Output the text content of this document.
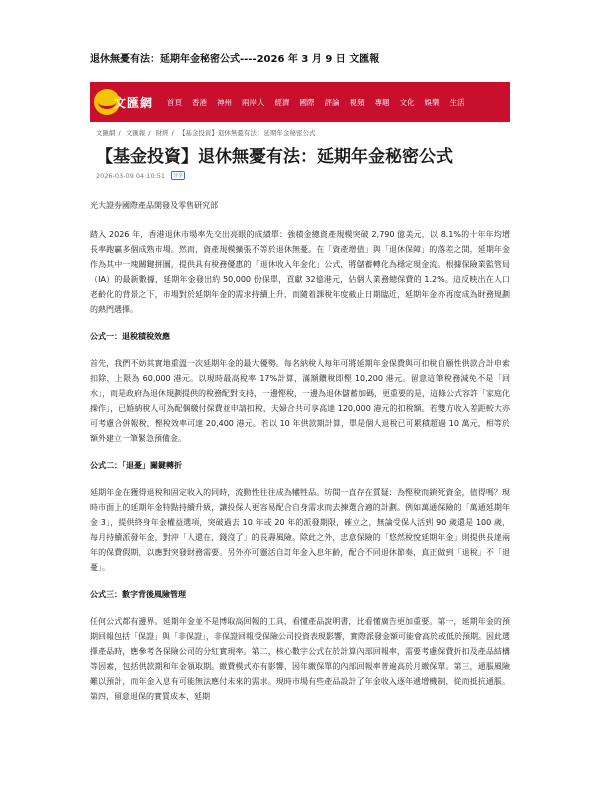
退休無憂有法：延期年金秘密公式----2026 年 3 月 9 日 文匯報
文匯網	首頁	香港	神州	兩岸人	經濟	國際	評論	視頻	專題	文化	娛樂	生活
文匯網 / 文匯報 / 財經 / 【基金投資】退休無憂有法：延期年金秘密公式
【基金投資】退休無憂有法：延期年金秘密公式
2026-03-09 04:10:51	分享

光大證券國際產品開發及零售研究部

踏入 2026 年，香港退休市場率先交出亮眼的成績單：強積金總資產規模突破 2,790 億美元，以 8.1%的十年年均增長率跑贏多個成熟市場。然而，資產規模擴張不等於退休無憂。在「資產增值」與「退休保障」的落差之間，延期年金作為其中一塊關鍵拼圖，提供具有稅務優惠的「退休收入年金化」公式，將儲蓄轉化為穩定現金流。根據保險業監管局（IA）的最新數據，延期年金發出約 50,000 份保單，貢獻 32億港元，佔個人業務總保費的 1.2%。這反映出在人口老齡化的背景之下，市場對於延期年金的需求持續上升，而隨着課稅年度截止日期臨近，延期年金亦再度成為財務規劃的熱門選擇。

公式一：退稅積稅效應

首先，我們不妨其實地重溫一次延期年金的最大優勢。每名納稅人每年可將延期年金保費與可扣稅自願性供款合計申索扣除，上限為 60,000 港元。以現時最高稅率 17%計算，滿額鑽稅即慳 10,200 港元。留意這筆稅務減免不是「回水」，而是政府為退休規劃提供的稅務配對支持，一邊慳稅，一邊為退休儲蓄加碼，更重要的是，這條公式容許「家庭化操作」，已婚納稅人可為配偶繳付保費並申請扣稅，夫婦合共可享高達 120,000 港元的扣稅額。若雙方收入差距較大亦可考慮合併報稅，慳稅效率可達 20,400 港元。若以 10 年供款期計算，單是個人退稅已可累積超過 10 萬元，相等於額外建立一筆緊急預備金。

公式二：「退憂」關鍵轉折

延期年金在獲得退稅和固定收入的同時，流動性往往成為犧牲品。坊間一直存在質疑：為慳稅而鎖死資金，值得嗎？現時市面上的延期年金特點持續升級，讓投保人更容易配合自身需求而去揀選合適的計劃。例如萬通保險的「萬通延期年金 3」，提供終身年金權益選項，突破過去 10 年或 20 年的派發期限，確立之，無論受保人活到 90 歲還是 100 歲，每月持續派發年金，對沖「人還在，錢沒了」的長壽風險。除此之外，忠意保險的「悠然稅悅延期年金」則提供長達兩年的保費假期，以應對突發財務需要。另外亦可靈活自訂年金入息年齡，配合不同退休節奏，真正做到「退稅」不「退憂」。

公式三：數字背後風險管理

任何公式都有邊界。延期年金並不是博取高回報的工具，看懂產品說明書，比看懂廣告更加重要。第一，延期年金的預期回報包括「保證」與「非保證」，非保證回報受保險公司投資表現影響，實際派發金額可能會高於或低於預期。因此選擇產品時，應參考各保險公司的分紅實現率。第二，核心數字公式在於計算內部回報率，需要考慮保費折扣及產品結構等因素，包括供款期和年金領取期。繳費模式亦有影響，因年繳保單的內部回報率普遍高於月繳保單。第三，通脹風險難以預計，而年金入息有可能無法應付未來的需求。現時市場有些產品設計了年金收入逐年遞增機制，從而抵抗通脹。第四，留意退保的實質成本，延期
